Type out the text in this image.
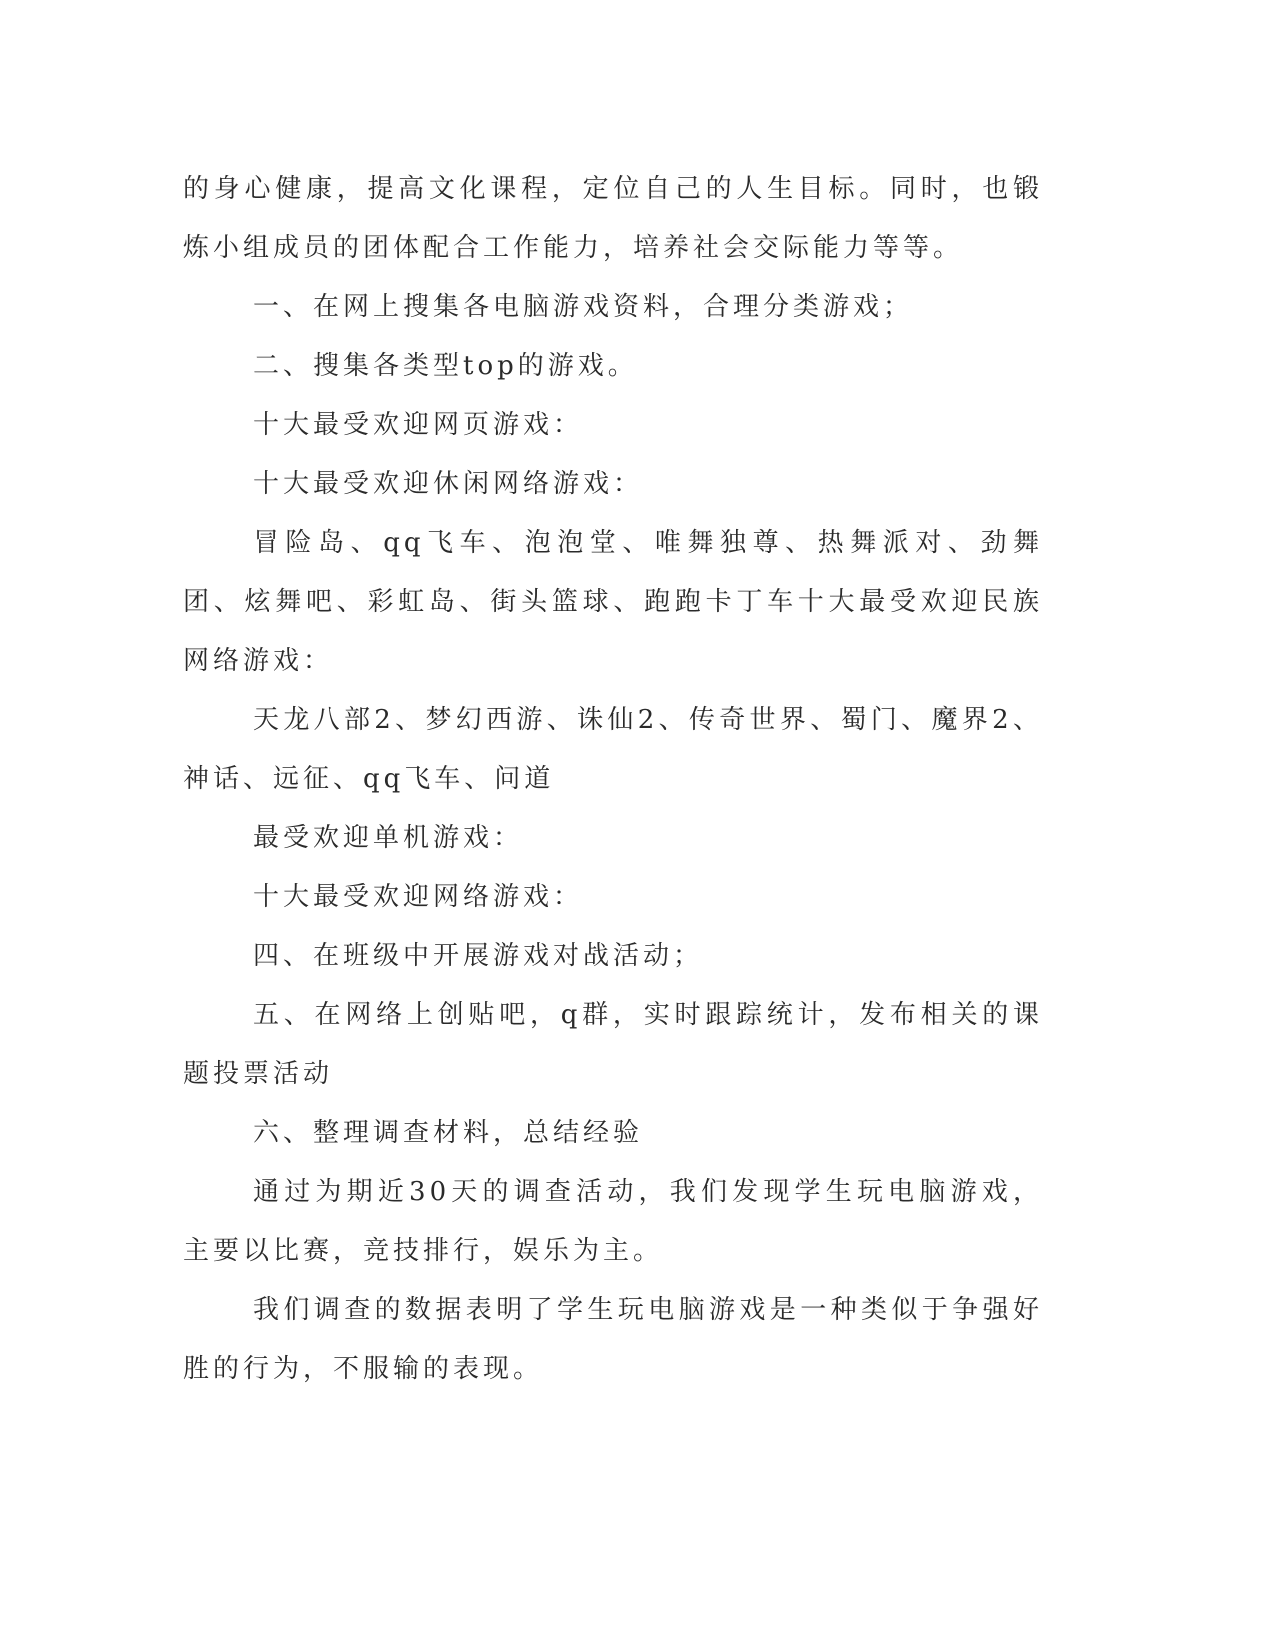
的身心健康，提高文化课程，定位自己的人生目标。同时，也锻炼小组成员的团体配合工作能力，培养社会交际能力等等。

一、在网上搜集各电脑游戏资料，合理分类游戏；

二、搜集各类型top的游戏。

十大最受欢迎网页游戏：

十大最受欢迎休闲网络游戏：

冒险岛、qq飞车、泡泡堂、唯舞独尊、热舞派对、劲舞团、炫舞吧、彩虹岛、街头篮球、跑跑卡丁车十大最受欢迎民族网络游戏：

天龙八部2、梦幻西游、诛仙2、传奇世界、蜀门、魔界2、神话、远征、qq飞车、问道

最受欢迎单机游戏：

十大最受欢迎网络游戏：

四、在班级中开展游戏对战活动；

五、在网络上创贴吧，q群，实时跟踪统计，发布相关的课题投票活动

六、整理调查材料，总结经验

通过为期近30天的调查活动，我们发现学生玩电脑游戏，主要以比赛，竞技排行，娱乐为主。

我们调查的数据表明了学生玩电脑游戏是一种类似于争强好胜的行为，不服输的表现。
